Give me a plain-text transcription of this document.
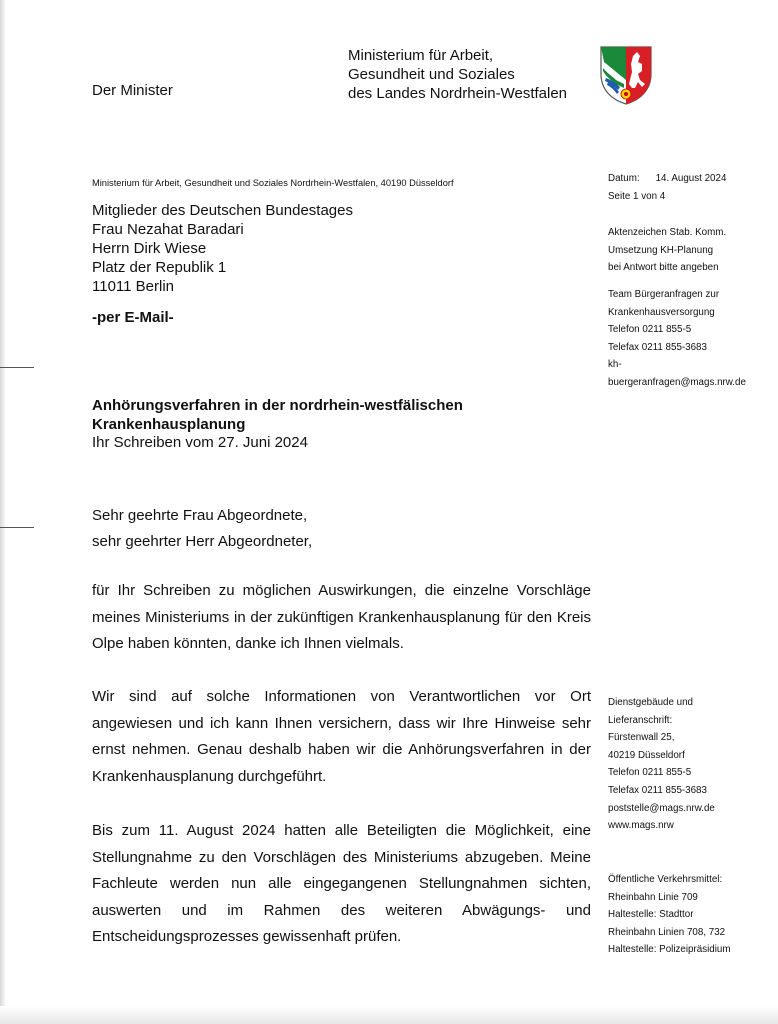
Der Minister
Ministerium für Arbeit,
Gesundheit und Soziales
des Landes Nordrhein-Westfalen
Ministerium für Arbeit, Gesundheit und Soziales Nordrhein-Westfalen, 40190 Düsseldorf
Mitglieder des Deutschen Bundestages
Frau Nezahat Baradari
Herrn Dirk Wiese
Platz der Republik 1
11011 Berlin
-per E-Mail-
Datum: 14. August 2024
Seite 1 von 4
Aktenzeichen Stab. Komm.
Umsetzung KH-Planung
bei Antwort bitte angeben
Team Bürgeranfragen zur
Krankenhausversorgung
Telefon 0211 855-5
Telefax 0211 855-3683
kh-
buergeranfragen@mags.nrw.de
Dienstgebäude und
Lieferanschrift:
Fürstenwall 25,
40219 Düsseldorf
Telefon 0211 855-5
Telefax 0211 855-3683
poststelle@mags.nrw.de
www.mags.nrw
Öffentliche Verkehrsmittel:
Rheinbahn Linie 709
Haltestelle: Stadttor
Rheinbahn Linien 708, 732
Haltestelle: Polizeipräsidium
Anhörungsverfahren in der nordrhein-westfälischen
Krankenhausplanung
Ihr Schreiben vom 27. Juni 2024
Sehr geehrte Frau Abgeordnete,
sehr geehrter Herr Abgeordneter,
für Ihr Schreiben zu möglichen Auswirkungen, die einzelne Vorschläge meines Ministeriums in der zukünftigen Krankenhausplanung für den Kreis Olpe haben könnten, danke ich Ihnen vielmals.
Wir sind auf solche Informationen von Verantwortlichen vor Ort angewiesen und ich kann Ihnen versichern, dass wir Ihre Hinweise sehr ernst nehmen. Genau deshalb haben wir die Anhörungsverfahren in der Krankenhausplanung durchgeführt.
Bis zum 11. August 2024 hatten alle Beteiligten die Möglichkeit, eine Stellungnahme zu den Vorschlägen des Ministeriums abzugeben. Meine Fachleute werden nun alle eingegangenen Stellungnahmen sichten, auswerten und im Rahmen des weiteren Abwägungs- und Entscheidungsprozesses gewissenhaft prüfen.
